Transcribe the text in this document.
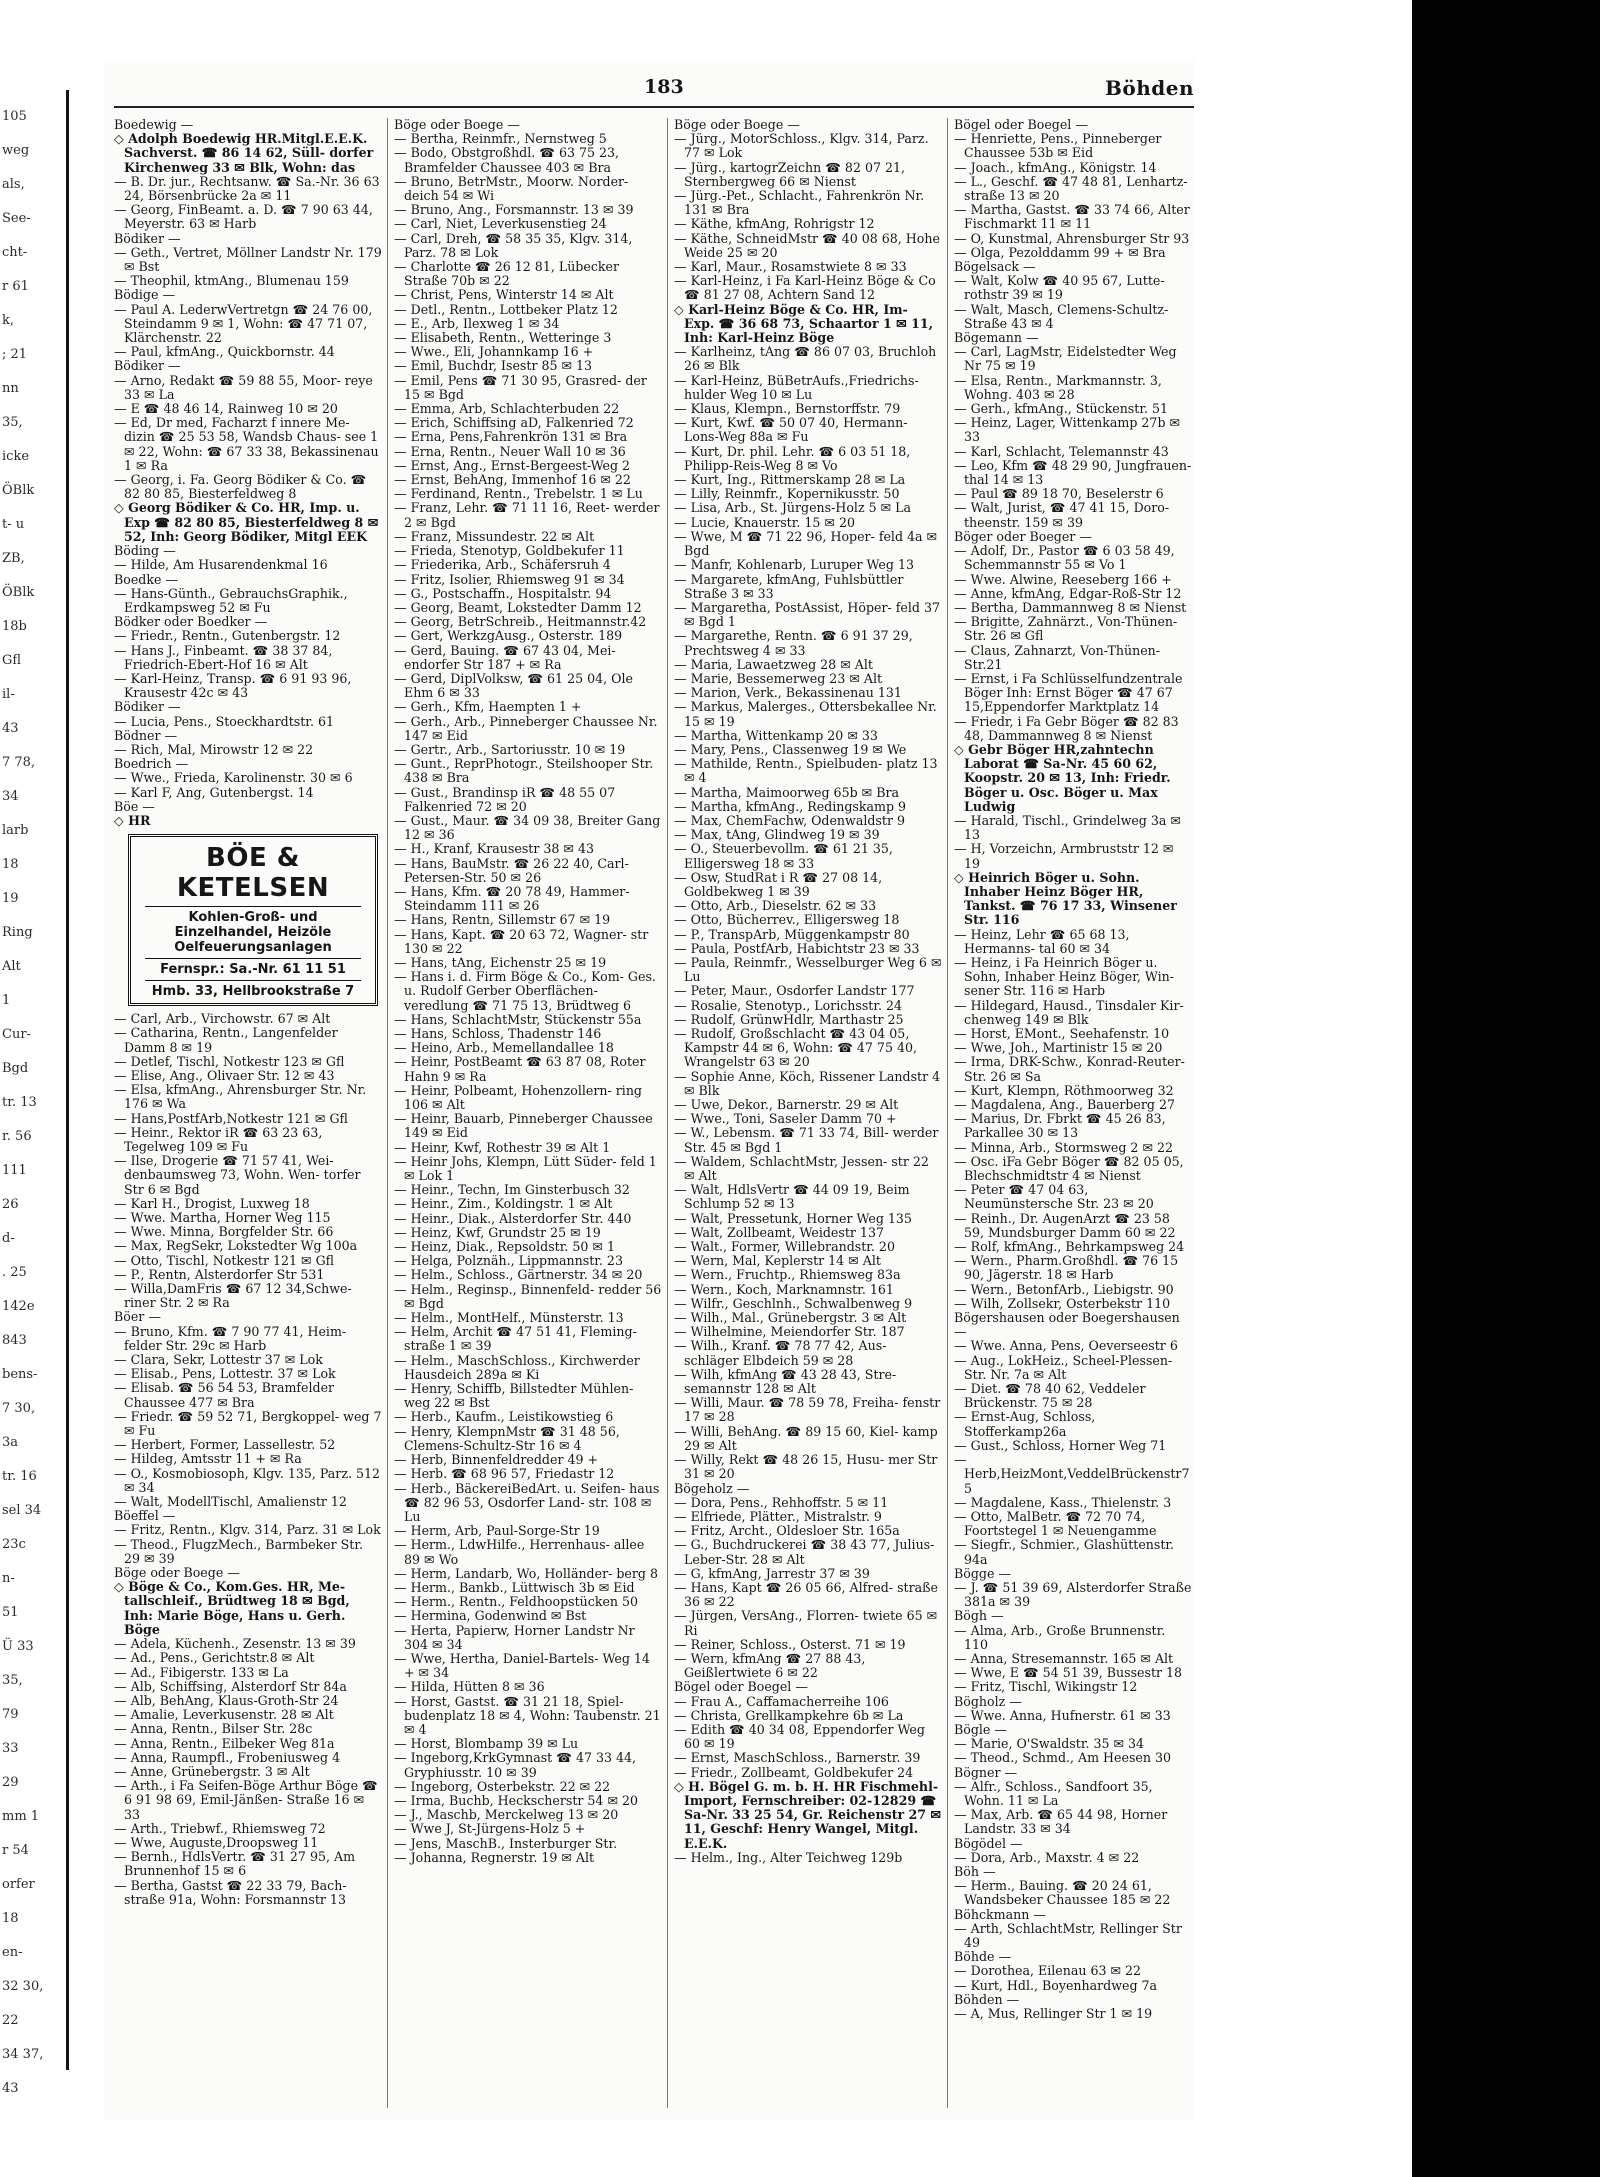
105
weg
als,
See-
cht-
r 61
k,
; 21
nn
35,
icke
ÖBlk
t- u
ZB,
ÖBlk
18b
Gfl
il-
43
7 78,
34
larb
18
19
Ring
Alt
1
Cur-
Bgd
tr. 13
r. 56
111
26
d-
. 25
142e
843
bens-
7 30,
3a
tr. 16
sel 34
23c
n-
51
Ü 33
35,
79
33
29
mm 1
r 54
orfer
18
en-
32 30,
22
34 37,
43
183	Böhden

Boedewig —

◇ Adolph Boedewig HR.Mitgl.E.E.K. Sachverst. ☎ 86 14 62, Süll- dorfer Kirchenweg 33 ✉ Blk, Wohn: das

— B. Dr. jur., Rechtsanw. ☎ Sa.-Nr. 36 63 24, Börsenbrücke 2a ✉ 11

— Georg, FinBeamt. a. D. ☎ 7 90 63 44, Meyerstr. 63 ✉ Harb

Bödiker —

— Geth., Vertret, Möllner Landstr Nr. 179 ✉ Bst

— Theophil, ktmAng., Blumenau 159

Bödige —

— Paul A. LederwVertretgn ☎ 24 76 00, Steindamm 9 ✉ 1, Wohn: ☎ 47 71 07, Klärchenstr. 22

— Paul, kfmAng., Quickbornstr. 44

Bödiker —

— Arno, Redakt ☎ 59 88 55, Moor- reye 33 ✉ La

— E ☎ 48 46 14, Rainweg 10 ✉ 20

— Ed, Dr med, Facharzt f innere Me- dizin ☎ 25 53 58, Wandsb Chaus- see 1 ✉ 22, Wohn: ☎ 67 33 38, Bekassinenau 1 ✉ Ra

— Georg, i. Fa. Georg Bödiker & Co. ☎ 82 80 85, Biesterfeldweg 8

◇ Georg Bödiker & Co. HR, Imp. u. Exp ☎ 82 80 85, Biesterfeldweg 8 ✉ 52, Inh: Georg Bödiker, Mitgl EEK

Böding —

— Hilde, Am Husarendenkmal 16

Boedke —

— Hans-Günth., GebrauchsGraphik., Erdkampsweg 52 ✉ Fu

Bödker oder Boedker —

— Friedr., Rentn., Gutenbergstr. 12

— Hans J., Finbeamt. ☎ 38 37 84, Friedrich-Ebert-Hof 16 ✉ Alt

— Karl-Heinz, Transp. ☎ 6 91 93 96, Krausestr 42c ✉ 43

Bödiker —

— Lucia, Pens., Stoeckhardtstr. 61

Bödner —

— Rich, Mal, Mirowstr 12 ✉ 22

Boedrich —

— Wwe., Frieda, Karolinenstr. 30 ✉ 6

— Karl F, Ang, Gutenbergst. 14

Böe —

◇ HR

BÖE & KETELSEN
Kohlen-Groß- und
Einzelhandel, Heizöle
Oelfeuerungsanlagen
Fernspr.: Sa.-Nr. 61 11 51
Hmb. 33, Hellbrookstraße 7

— Carl, Arb., Virchowstr. 67 ✉ Alt

— Catharina, Rentn., Langenfelder Damm 8 ✉ 19

— Detlef, Tischl, Notkestr 123 ✉ Gfl

— Elise, Ang., Olivaer Str. 12 ✉ 43

— Elsa, kfmAng., Ahrensburger Str. Nr. 176 ✉ Wa

— Hans,PostfArb,Notkestr 121 ✉ Gfl

— Heinr., Rektor iR ☎ 63 23 63, Tegelweg 109 ✉ Fu

— Ilse, Drogerie ☎ 71 57 41, Wei- denbaumsweg 73, Wohn. Wen- torfer Str 6 ✉ Bgd

— Karl H., Drogist, Luxweg 18

— Wwe. Martha, Horner Weg 115

— Wwe. Minna, Borgfelder Str. 66

— Max, RegSekr, Lokstedter Wg 100a

— Otto, Tischl, Notkestr 121 ✉ Gfl

— P., Rentn, Alsterdorfer Str 531

— Willa,DamFris ☎ 67 12 34,Schwe- riner Str. 2 ✉ Ra

Böer —

— Bruno, Kfm. ☎ 7 90 77 41, Heim- felder Str. 29c ✉ Harb

— Clara, Sekr, Lottestr 37 ✉ Lok

— Elisab., Pens, Lottestr. 37 ✉ Lok

— Elisab. ☎ 56 54 53, Bramfelder Chaussee 477 ✉ Bra

— Friedr. ☎ 59 52 71, Bergkoppel- weg 7 ✉ Fu

— Herbert, Former, Lassellestr. 52

— Hildeg, Amtsstr 11 + ✉ Ra

— O., Kosmobiosoph, Klgv. 135, Parz. 512 ✉ 34

— Walt, ModellTischl, Amalienstr 12

Böeffel —

— Fritz, Rentn., Klgv. 314, Parz. 31 ✉ Lok

— Theod., FlugzMech., Barmbeker Str. 29 ✉ 39

Böge oder Boege —

◇ Böge & Co., Kom.Ges. HR, Me- tallschleif., Brüdtweg 18 ✉ Bgd, Inh: Marie Böge, Hans u. Gerh. Böge

— Adela, Küchenh., Zesenstr. 13 ✉ 39

— Ad., Pens., Gerichtstr.8 ✉ Alt

— Ad., Fibigerstr. 133 ✉ La

— Alb, Schiffsing, Alsterdorf Str 84a

— Alb, BehAng, Klaus-Groth-Str 24

— Amalie, Leverkusenstr. 28 ✉ Alt

— Anna, Rentn., Bilser Str. 28c

— Anna, Rentn., Eilbeker Weg 81a

— Anna, Raumpfl., Frobeniusweg 4

— Anne, Grünebergstr. 3 ✉ Alt

— Arth., i Fa Seifen-Böge Arthur Böge ☎ 6 91 98 69, Emil-Jänßen- Straße 16 ✉ 33

— Arth., Triebwf., Rhiemsweg 72

— Wwe, Auguste,Droopsweg 11

— Bernh., HdlsVertr. ☎ 31 27 95, Am Brunnenhof 15 ✉ 6

— Bertha, Gastst ☎ 22 33 79, Bach- straße 91a, Wohn: Forsmannstr 13

Böge oder Boege —

— Bertha, Reinmfr., Nernstweg 5

— Bodo, Obstgroßhdl. ☎ 63 75 23, Bramfelder Chaussee 403 ✉ Bra

— Bruno, BetrMstr., Moorw. Norder- deich 54 ✉ Wi

— Bruno, Ang., Forsmannstr. 13 ✉ 39

— Carl, Niet, Leverkusenstieg 24

— Carl, Dreh, ☎ 58 35 35, Klgv. 314, Parz. 78 ✉ Lok

— Charlotte ☎ 26 12 81, Lübecker Straße 70b ✉ 22

— Christ, Pens, Winterstr 14 ✉ Alt

— Detl., Rentn., Lottbeker Platz 12

— E., Arb, Ilexweg 1 ✉ 34

— Elisabeth, Rentn., Wetteringe 3

— Wwe., Eli, Johannkamp 16 +

— Emil, Buchdr, Isestr 85 ✉ 13

— Emil, Pens ☎ 71 30 95, Grasred- der 15 ✉ Bgd

— Emma, Arb, Schlachterbuden 22

— Erich, Schiffsing aD, Falkenried 72

— Erna, Pens,Fahrenkrön 131 ✉ Bra

— Erna, Rentn., Neuer Wall 10 ✉ 36

— Ernst, Ang., Ernst-Bergeest-Weg 2

— Ernst, BehAng, Immenhof 16 ✉ 22

— Ferdinand, Rentn., Trebelstr. 1 ✉ Lu

— Franz, Lehr. ☎ 71 11 16, Reet- werder 2 ✉ Bgd

— Franz, Missundestr. 22 ✉ Alt

— Frieda, Stenotyp, Goldbekufer 11

— Friederika, Arb., Schäfersruh 4

— Fritz, Isolier, Rhiemsweg 91 ✉ 34

— G., Postschaffn., Hospitalstr. 94

— Georg, Beamt, Lokstedter Damm 12

— Georg, BetrSchreib., Heitmannstr.42

— Gert, WerkzgAusg., Osterstr. 189

— Gerd, Bauing. ☎ 67 43 04, Mei- endorfer Str 187 + ✉ Ra

— Gerd, DiplVolksw, ☎ 61 25 04, Ole Ehm 6 ✉ 33

— Gerh., Kfm, Haempten 1 +

— Gerh., Arb., Pinneberger Chaussee Nr. 147 ✉ Eid

— Gertr., Arb., Sartoriusstr. 10 ✉ 19

— Gunt., ReprPhotogr., Steilshooper Str. 438 ✉ Bra

— Gust., Brandinsp iR ☎ 48 55 07 Falkenried 72 ✉ 20

— Gust., Maur. ☎ 34 09 38, Breiter Gang 12 ✉ 36

— H., Kranf, Krausestr 38 ✉ 43

— Hans, BauMstr. ☎ 26 22 40, Carl- Petersen-Str. 50 ✉ 26

— Hans, Kfm. ☎ 20 78 49, Hammer- Steindamm 111 ✉ 26

— Hans, Rentn, Sillemstr 67 ✉ 19

— Hans, Kapt. ☎ 20 63 72, Wagner- str 130 ✉ 22

— Hans, tAng, Eichenstr 25 ✉ 19

— Hans i. d. Firm Böge & Co., Kom- Ges. u. Rudolf Gerber Oberflächen- veredlung ☎ 71 75 13, Brüdtweg 6

— Hans, SchlachtMstr, Stückenstr 55a

— Hans, Schloss, Thadenstr 146

— Heino, Arb., Memellandallee 18

— Heinr, PostBeamt ☎ 63 87 08, Roter Hahn 9 ✉ Ra

— Heinr, Polbeamt, Hohenzollern- ring 106 ✉ Alt

— Heinr, Bauarb, Pinneberger Chaussee 149 ✉ Eid

— Heinr, Kwf, Rothestr 39 ✉ Alt 1

— Heinr Johs, Klempn, Lütt Süder- feld 1 ✉ Lok 1

— Heinr., Techn, Im Ginsterbusch 32

— Heinr., Zim., Koldingstr. 1 ✉ Alt

— Heinr., Diak., Alsterdorfer Str. 440

— Heinz, Kwf, Grundstr 25 ✉ 19

— Heinz, Diak., Repsoldstr. 50 ✉ 1

— Helga, Polznäh., Lippmannstr. 23

— Helm., Schloss., Gärtnerstr. 34 ✉ 20

— Helm., Reginsp., Binnenfeld- redder 56 ✉ Bgd

— Helm., MontHelf., Münsterstr. 13

— Helm, Archit ☎ 47 51 41, Fleming- straße 1 ✉ 39

— Helm., MaschSchloss., Kirchwerder Hausdeich 289a ✉ Ki

— Henry, Schiffb, Billstedter Mühlen- weg 22 ✉ Bst

— Herb., Kaufm., Leistikowstieg 6

— Henry, KlempnMstr ☎ 31 48 56, Clemens-Schultz-Str 16 ✉ 4

— Herb, Binnenfeldredder 49 +

— Herb. ☎ 68 96 57, Friedastr 12

— Herb., BäckereiBedArt. u. Seifen- haus ☎ 82 96 53, Osdorfer Land- str. 108 ✉ Lu

— Herm, Arb, Paul-Sorge-Str 19

— Herm., LdwHilfe., Herrenhaus- allee 89 ✉ Wo

— Herm, Landarb, Wo, Holländer- berg 8

— Herm., Bankb., Lüttwisch 3b ✉ Eid

— Herm., Rentn., Feldhoopstücken 50

— Hermina, Godenwind ✉ Bst

— Herta, Papierw, Horner Landstr Nr 304 ✉ 34

— Wwe, Hertha, Daniel-Bartels- Weg 14 + ✉ 34

— Hilda, Hütten 8 ✉ 36

— Horst, Gastst. ☎ 31 21 18, Spiel- budenplatz 18 ✉ 4, Wohn: Taubenstr. 21 ✉ 4

— Horst, Blombamp 39 ✉ Lu

— Ingeborg,KrkGymnast ☎ 47 33 44, Gryphiusstr. 10 ✉ 39

— Ingeborg, Osterbekstr. 22 ✉ 22

— Irma, Buchb, Heckscherstr 54 ✉ 20

— J., Maschb, Merckelweg 13 ✉ 20

— Wwe J, St-Jürgens-Holz 5 +

— Jens, MaschB., Insterburger Str.

— Johanna, Regnerstr. 19 ✉ Alt

Böge oder Boege —

— Jürg., MotorSchloss., Klgv. 314, Parz. 77 ✉ Lok

— Jürg., kartogrZeichn ☎ 82 07 21, Sternbergweg 66 ✉ Nienst

— Jürg.-Pet., Schlacht., Fahrenkrön Nr. 131 ✉ Bra

— Käthe, kfmAng, Rohrigstr 12

— Käthe, SchneidMstr ☎ 40 08 68, Hohe Weide 25 ✉ 20

— Karl, Maur., Rosamstwiete 8 ✉ 33

— Karl-Heinz, i Fa Karl-Heinz Böge & Co ☎ 81 27 08, Achtern Sand 12

◇ Karl-Heinz Böge & Co. HR, Im- Exp. ☎ 36 68 73, Schaartor 1 ✉ 11, Inh: Karl-Heinz Böge

— Karlheinz, tAng ☎ 86 07 03, Bruchloh 26 ✉ Blk

— Karl-Heinz, BüBetrAufs.,Friedrichs- hulder Weg 10 ✉ Lu

— Klaus, Klempn., Bernstorffstr. 79

— Kurt, Kwf. ☎ 50 07 40, Hermann- Lons-Weg 88a ✉ Fu

— Kurt, Dr. phil. Lehr. ☎ 6 03 51 18, Philipp-Reis-Weg 8 ✉ Vo

— Kurt, Ing., Rittmerskamp 28 ✉ La

— Lilly, Reinmfr., Kopernikusstr. 50

— Lisa, Arb., St. Jürgens-Holz 5 ✉ La

— Lucie, Knauerstr. 15 ✉ 20

— Wwe, M ☎ 71 22 96, Hoper- feld 4a ✉ Bgd

— Manfr, Kohlenarb, Luruper Weg 13

— Margarete, kfmAng, Fuhlsbüttler Straße 3 ✉ 33

— Margaretha, PostAssist, Höper- feld 37 ✉ Bgd 1

— Margarethe, Rentn. ☎ 6 91 37 29, Prechtsweg 4 ✉ 33

— Maria, Lawaetzweg 28 ✉ Alt

— Marie, Bessemerweg 23 ✉ Alt

— Marion, Verk., Bekassinenau 131

— Markus, Malerges., Ottersbekallee Nr. 15 ✉ 19

— Martha, Wittenkamp 20 ✉ 33

— Mary, Pens., Classenweg 19 ✉ We

— Mathilde, Rentn., Spielbuden- platz 13 ✉ 4

— Martha, Maimoorweg 65b ✉ Bra

— Martha, kfmAng., Redingskamp 9

— Max, ChemFachw, Odenwaldstr 9

— Max, tAng, Glindweg 19 ✉ 39

— O., Steuerbevollm. ☎ 61 21 35, Elligersweg 18 ✉ 33

— Osw, StudRat i R ☎ 27 08 14, Goldbekweg 1 ✉ 39

— Otto, Arb., Dieselstr. 62 ✉ 33

— Otto, Bücherrev., Elligersweg 18

— P., TranspArb, Müggenkampstr 80

— Paula, PostfArb, Habichtstr 23 ✉ 33

— Paula, Reinmfr., Wesselburger Weg 6 ✉ Lu

— Peter, Maur., Osdorfer Landstr 177

— Rosalie, Stenotyp., Lorichsstr. 24

— Rudolf, GrünwHdlr, Marthastr 25

— Rudolf, Großschlacht ☎ 43 04 05, Kampstr 44 ✉ 6, Wohn: ☎ 47 75 40, Wrangelstr 63 ✉ 20

— Sophie Anne, Köch, Rissener Landstr 4 ✉ Blk

— Uwe, Dekor., Barnerstr. 29 ✉ Alt

— Wwe., Toni, Saseler Damm 70 +

— W., Lebensm. ☎ 71 33 74, Bill- werder Str. 45 ✉ Bgd 1

— Waldem, SchlachtMstr, Jessen- str 22 ✉ Alt

— Walt, HdlsVertr ☎ 44 09 19, Beim Schlump 52 ✉ 13

— Walt, Pressetunk, Horner Weg 135

— Walt, Zollbeamt, Weidestr 137

— Walt., Former, Willebrandstr. 20

— Wern, Mal, Keplerstr 14 ✉ Alt

— Wern., Fruchtp., Rhiemsweg 83a

— Wern., Koch, Marknamnstr. 161

— Wilfr., Geschlnh., Schwalbenweg 9

— Wilh., Mal., Grünebergstr. 3 ✉ Alt

— Wilhelmine, Meiendorfer Str. 187

— Wilh., Kranf. ☎ 78 77 42, Aus- schläger Elbdeich 59 ✉ 28

— Wilh, kfmAng ☎ 43 28 43, Stre- semannstr 128 ✉ Alt

— Willi, Maur. ☎ 78 59 78, Freiha- fenstr 17 ✉ 28

— Willi, BehAng. ☎ 89 15 60, Kiel- kamp 29 ✉ Alt

— Willy, Rekt ☎ 48 26 15, Husu- mer Str 31 ✉ 20

Bögeholz —

— Dora, Pens., Rehhoffstr. 5 ✉ 11

— Elfriede, Plätter., Mistralstr. 9

— Fritz, Archt., Oldesloer Str. 165a

— G., Buchdruckerei ☎ 38 43 77, Julius-Leber-Str. 28 ✉ Alt

— G, kfmAng, Jarrestr 37 ✉ 39

— Hans, Kapt ☎ 26 05 66, Alfred- straße 36 ✉ 22

— Jürgen, VersAng., Florren- twiete 65 ✉ Ri

— Reiner, Schloss., Osterst. 71 ✉ 19

— Wern, kfmAng ☎ 27 88 43, Geißlertwiete 6 ✉ 22

Bögel oder Boegel —

— Frau A., Caffamacherreihe 106

— Christa, Grellkampkehre 6b ✉ La

— Edith ☎ 40 34 08, Eppendorfer Weg 60 ✉ 19

— Ernst, MaschSchloss., Barnerstr. 39

— Friedr., Zollbeamt, Goldbekufer 24

◇ H. Bögel G. m. b. H. HR Fischmehl-Import, Fernschreiber: 02-12829 ☎ Sa-Nr. 33 25 54, Gr. Reichenstr 27 ✉ 11, Geschf: Henry Wangel, Mitgl. E.E.K.

— Helm., Ing., Alter Teichweg 129b

Bögel oder Boegel —

— Henriette, Pens., Pinneberger Chaussee 53b ✉ Eid

— Joach., kfmAng., Königstr. 14

— L., Geschf. ☎ 47 48 81, Lenhartz- straße 13 ✉ 20

— Martha, Gastst. ☎ 33 74 66, Alter Fischmarkt 11 ✉ 11

— O, Kunstmal, Ahrensburger Str 93

— Olga, Pezolddamm 99 + ✉ Bra

Bögelsack —

— Walt, Kolw ☎ 40 95 67, Lutte- rothstr 39 ✉ 19

— Walt, Masch, Clemens-Schultz- Straße 43 ✉ 4

Bögemann —

— Carl, LagMstr, Eidelstedter Weg Nr 75 ✉ 19

— Elsa, Rentn., Markmannstr. 3, Wohng. 403 ✉ 28

— Gerh., kfmAng., Stückenstr. 51

— Heinz, Lager, Wittenkamp 27b ✉ 33

— Karl, Schlacht, Telemannstr 43

— Leo, Kfm ☎ 48 29 90, Jungfrauen- thal 14 ✉ 13

— Paul ☎ 89 18 70, Beselerstr 6

— Walt, Jurist, ☎ 47 41 15, Doro- theenstr. 159 ✉ 39

Böger oder Boeger —

— Adolf, Dr., Pastor ☎ 6 03 58 49, Schemmannstr 55 ✉ Vo 1

— Wwe. Alwine, Reeseberg 166 +

— Anne, kfmAng, Edgar-Roß-Str 12

— Bertha, Dammannweg 8 ✉ Nienst

— Brigitte, Zahnärzt., Von-Thünen- Str. 26 ✉ Gfl

— Claus, Zahnarzt, Von-Thünen-Str.21

— Ernst, i Fa Schlüsselfundzentrale Böger Inh: Ernst Böger ☎ 47 67 15,Eppendorfer Marktplatz 14

— Friedr, i Fa Gebr Böger ☎ 82 83 48, Dammannweg 8 ✉ Nienst

◇ Gebr Böger HR,zahntechn Laborat ☎ Sa-Nr. 45 60 62, Koopstr. 20 ✉ 13, Inh: Friedr. Böger u. Osc. Böger u. Max Ludwig

— Harald, Tischl., Grindelweg 3a ✉ 13

— H, Vorzeichn, Armbruststr 12 ✉ 19

◇ Heinrich Böger u. Sohn. Inhaber Heinz Böger HR, Tankst. ☎ 76 17 33, Winsener Str. 116

— Heinz, Lehr ☎ 65 68 13, Hermanns- tal 60 ✉ 34

— Heinz, i Fa Heinrich Böger u. Sohn, Inhaber Heinz Böger, Win- sener Str. 116 ✉ Harb

— Hildegard, Hausd., Tinsdaler Kir- chenweg 149 ✉ Blk

— Horst, EMont., Seehafenstr. 10

— Wwe, Joh., Martinistr 15 ✉ 20

— Irma, DRK-Schw., Konrad-Reuter- Str. 26 ✉ Sa

— Kurt, Klempn, Röthmoorweg 32

— Magdalena, Ang., Bauerberg 27

— Marius, Dr. Fbrkt ☎ 45 26 83, Parkallee 30 ✉ 13

— Minna, Arb., Stormsweg 2 ✉ 22

— Osc. iFa Gebr Böger ☎ 82 05 05, Blechschmidtstr 4 ✉ Nienst

— Peter ☎ 47 04 63, Neumünstersche Str. 23 ✉ 20

— Reinh., Dr. AugenArzt ☎ 23 58 59, Mundsburger Damm 60 ✉ 22

— Rolf, kfmAng., Behrkampsweg 24

— Wern., Pharm.Großhdl. ☎ 76 15 90, Jägerstr. 18 ✉ Harb

— Wern., BetonfArb., Liebigstr. 90

— Wilh, Zollsekr, Osterbekstr 110

Bögershausen oder Boegershausen —

— Wwe. Anna, Pens, Oeverseestr 6

— Aug., LokHeiz., Scheel-Plessen-Str. Nr. 7a ✉ Alt

— Diet. ☎ 78 40 62, Veddeler Brückenstr. 75 ✉ 28

— Ernst-Aug, Schloss, Stofferkamp26a

— Gust., Schloss, Horner Weg 71

— Herb,HeizMont,VeddelBrückenstr75

— Magdalene, Kass., Thielenstr. 3

— Otto, MalBetr. ☎ 72 70 74, Foortstegel 1 ✉ Neuengamme

— Siegfr., Schmier., Glashüttenstr. 94a

Bögge —

— J. ☎ 51 39 69, Alsterdorfer Straße 381a ✉ 39

Bögh —

— Alma, Arb., Große Brunnenstr. 110

— Anna, Stresemannstr. 165 ✉ Alt

— Wwe, E ☎ 54 51 39, Bussestr 18

— Fritz, Tischl, Wikingstr 12

Bögholz —

— Wwe. Anna, Hufnerstr. 61 ✉ 33

Bögle —

— Marie, O'Swaldstr. 35 ✉ 34

— Theod., Schmd., Am Heesen 30

Bögner —

— Alfr., Schloss., Sandfoort 35, Wohn. 11 ✉ La

— Max, Arb. ☎ 65 44 98, Horner Landstr. 33 ✉ 34

Bögödel —

— Dora, Arb., Maxstr. 4 ✉ 22

Böh —

— Herm., Bauing. ☎ 20 24 61, Wandsbeker Chaussee 185 ✉ 22

Böhckmann —

— Arth, SchlachtMstr, Rellinger Str 49

Böhde —

— Dorothea, Eilenau 63 ✉ 22

— Kurt, Hdl., Boyenhardweg 7a

Böhden —

— A, Mus, Rellinger Str 1 ✉ 19
